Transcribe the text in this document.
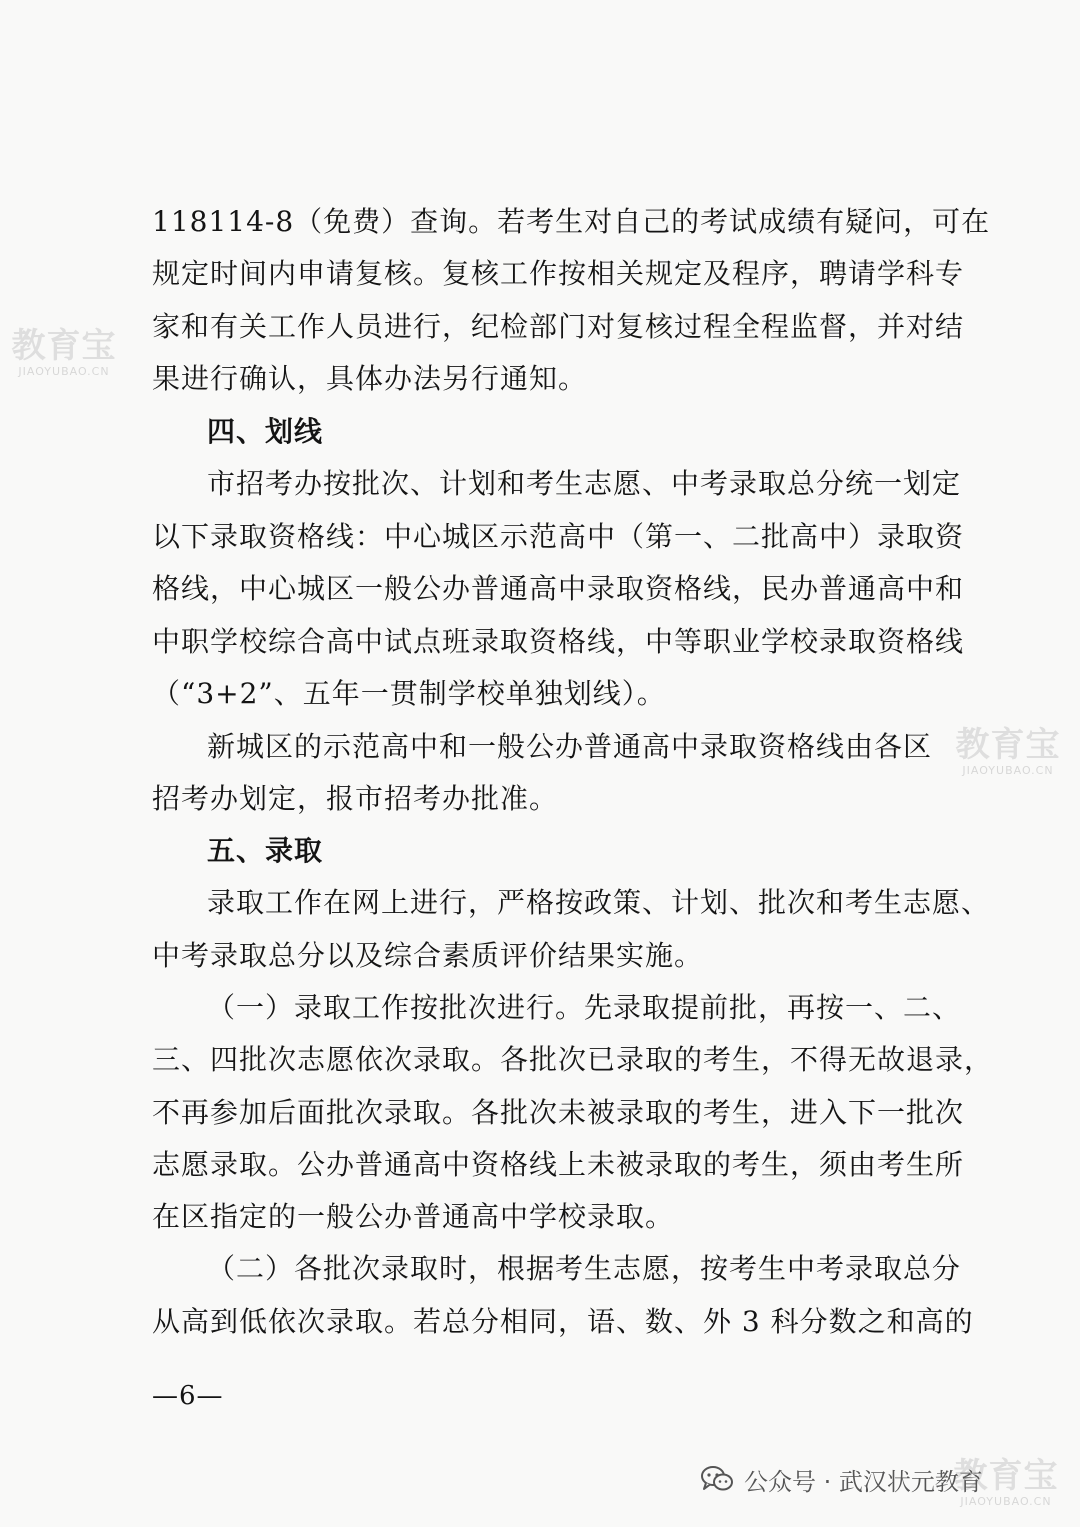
118114-8（免费）查询。若考生对自己的考试成绩有疑问，可在
规定时间内申请复核。复核工作按相关规定及程序，聘请学科专
家和有关工作人员进行，纪检部门对复核过程全程监督，并对结
果进行确认，具体办法另行通知。
四、划线
市招考办按批次、计划和考生志愿、中考录取总分统一划定
以下录取资格线：中心城区示范高中（第一、二批高中）录取资
格线，中心城区一般公办普通高中录取资格线，民办普通高中和
中职学校综合高中试点班录取资格线，中等职业学校录取资格线
（“3+2”、五年一贯制学校单独划线）。
新城区的示范高中和一般公办普通高中录取资格线由各区
招考办划定，报市招考办批准。
五、录取
录取工作在网上进行，严格按政策、计划、批次和考生志愿、
中考录取总分以及综合素质评价结果实施。
（一）录取工作按批次进行。先录取提前批，再按一、二、
三、四批次志愿依次录取。各批次已录取的考生，不得无故退录，
不再参加后面批次录取。各批次未被录取的考生，进入下一批次
志愿录取。公办普通高中资格线上未被录取的考生，须由考生所
在区指定的一般公办普通高中学校录取。
（二）各批次录取时，根据考生志愿，按考生中考录取总分
从高到低依次录取。若总分相同，语、数、外 3 科分数之和高的
—6—
教育宝
JIAOYUBAO.CN
教育宝
JIAOYUBAO.CN
教育宝
JIAOYUBAO.CN
公众号 · 武汉状元教育
